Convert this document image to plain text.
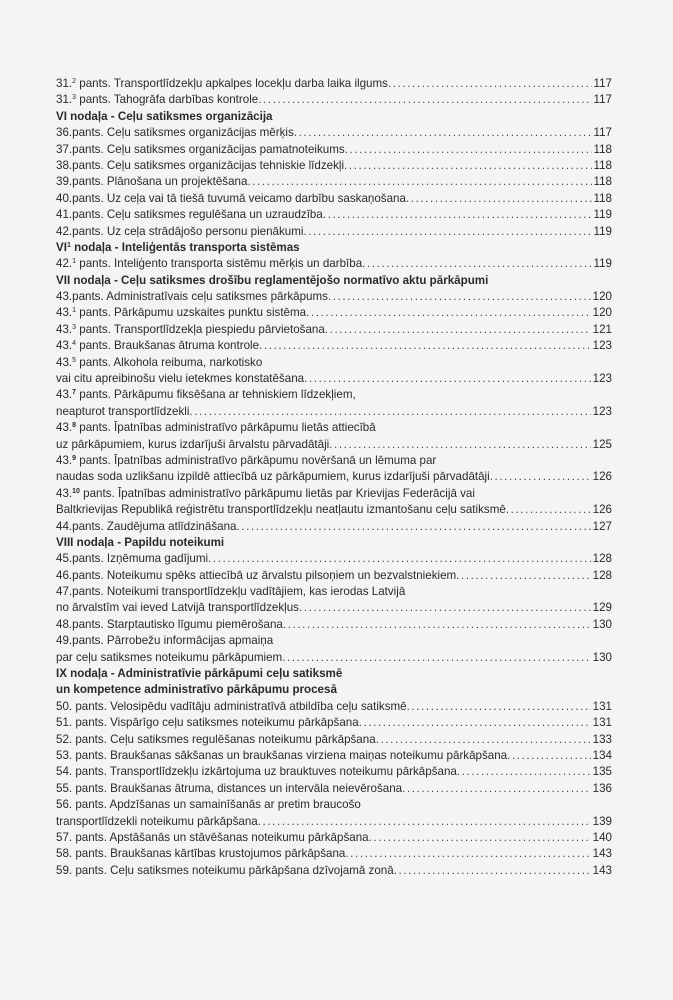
31.$^2$ pants. Transportlīdzekļu apkalpes locekļu darba laika ilgums .....	117
31.$^3$ pants. Tahogrāfa darbības kontrole .....	117
VI nodaļa - Ceļu satiksmes organizācija
36.pants. Ceļu satiksmes organizācijas mērķis .....	117
37.pants. Ceļu satiksmes organizācijas pamatnoteikums .....	118
38.pants. Ceļu satiksmes organizācijas tehniskie līdzekļi .....	118
39.pants. Plānošana un projektēšana .....	118
40.pants. Uz ceļa vai tā tiešā tuvumā veicamo darbību saskaņošana .....	118
41.pants. Ceļu satiksmes regulēšana un uzraudzība .....	119
42.pants. Uz ceļa strādājošo personu pienākumi .....	119
$VI^1$ nodaļa - Inteliģentās transporta sistēmas
42.$^1$ pants. Inteliģento transporta sistēmu mērķis un darbība .....	119
VII nodaļa - Ceļu satiksmes drošību reglamentējošo normatīvo aktu pārkāpumi
43.pants. Administratīvais ceļu satiksmes pārkāpums .....	120
43.$^1$ pants. Pārkāpumu uzskaites punktu sistēma .....	120
43.$^3$ pants. Transportlīdzekļa piespiedu pārvietošana .....	121
43.$^4$ pants. Braukšanas ātruma kontrole .....	123
43.$^5$ pants. Alkohola reibuma, narkotisko
vai citu apreibinošu vielu ietekmes konstatēšana .....	123
43.$^7$ pants. Pārkāpumu fiksēšana ar tehniskiem līdzekļiem,
neapturot transportlīdzekli .....	123
43.$^8$ pants. Īpatnības administratīvo pārkāpumu lietās attiecībā
uz pārkāpumiem, kurus izdarījuši ārvalstu pārvadātāji .....	125
43.$^9$ pants. Īpatnības administratīvo pārkāpumu novēršanā un lēmuma par
naudas soda uzlikšanu izpildē attiecībā uz pārkāpumiem, kurus izdarījuši pārvadātāji .....	126
43.10 pants. Īpatnības administratīvo pārkāpumu lietās par Krievijas Federācijā vai
Baltkrievijas Republikā reģistrētu transportlīdzekļu neatļautu izmantošanu ceļu satiksmē .....	126
44.pants. Zaudējuma atlīdzināšana .....	127
VIII nodaļa - Papildu noteikumi
45.pants. Izņēmuma gadījumi .....	128
46.pants. Noteikumu spēks attiecībā uz ārvalstu pilsoņiem un bezvalstniekiem .....	128
47.pants. Noteikumi transportlīdzekļu vadītājiem, kas ierodas Latvijā
no ārvalstīm vai ieved Latvijā transportlīdzekļus .....	129
48.pants. Starptautisko līgumu piemērošana .....	130
49.pants. Pārrobežu informācijas apmaiņa
par ceļu satiksmes noteikumu pārkāpumiem .....	130
IX nodaļa - Administratīvie pārkāpumi ceļu satiksmē
un kompetence administratīvo pārkāpumu procesā
50. pants. Velosipēdu vadītāju administratīvā atbildība ceļu satiksmē .....	131
51. pants. Vispārīgo ceļu satiksmes noteikumu pārkāpšana .....	131
52. pants. Ceļu satiksmes regulēšanas noteikumu pārkāpšana .....	133
53. pants. Braukšanas sākšanas un braukšanas virziena maiņas noteikumu pārkāpšana .....	134
54. pants. Transportlīdzekļu izkārtojuma uz brauktuves noteikumu pārkāpšana .....	135
55. pants. Braukšanas ātruma, distances un intervāla neievērošana .....	136
56. pants. Apdzīšanas un samainīšanās ar pretim braucošo
transportlīdzekli noteikumu pārkāpšana .....	139
57. pants. Apstāšanās un stāvēšanas noteikumu pārkāpšana .....	140
58. pants. Braukšanas kārtības krustojumos pārkāpšana .....	143
59. pants. Ceļu satiksmes noteikumu pārkāpšana dzīvojamā zonā .....	143
